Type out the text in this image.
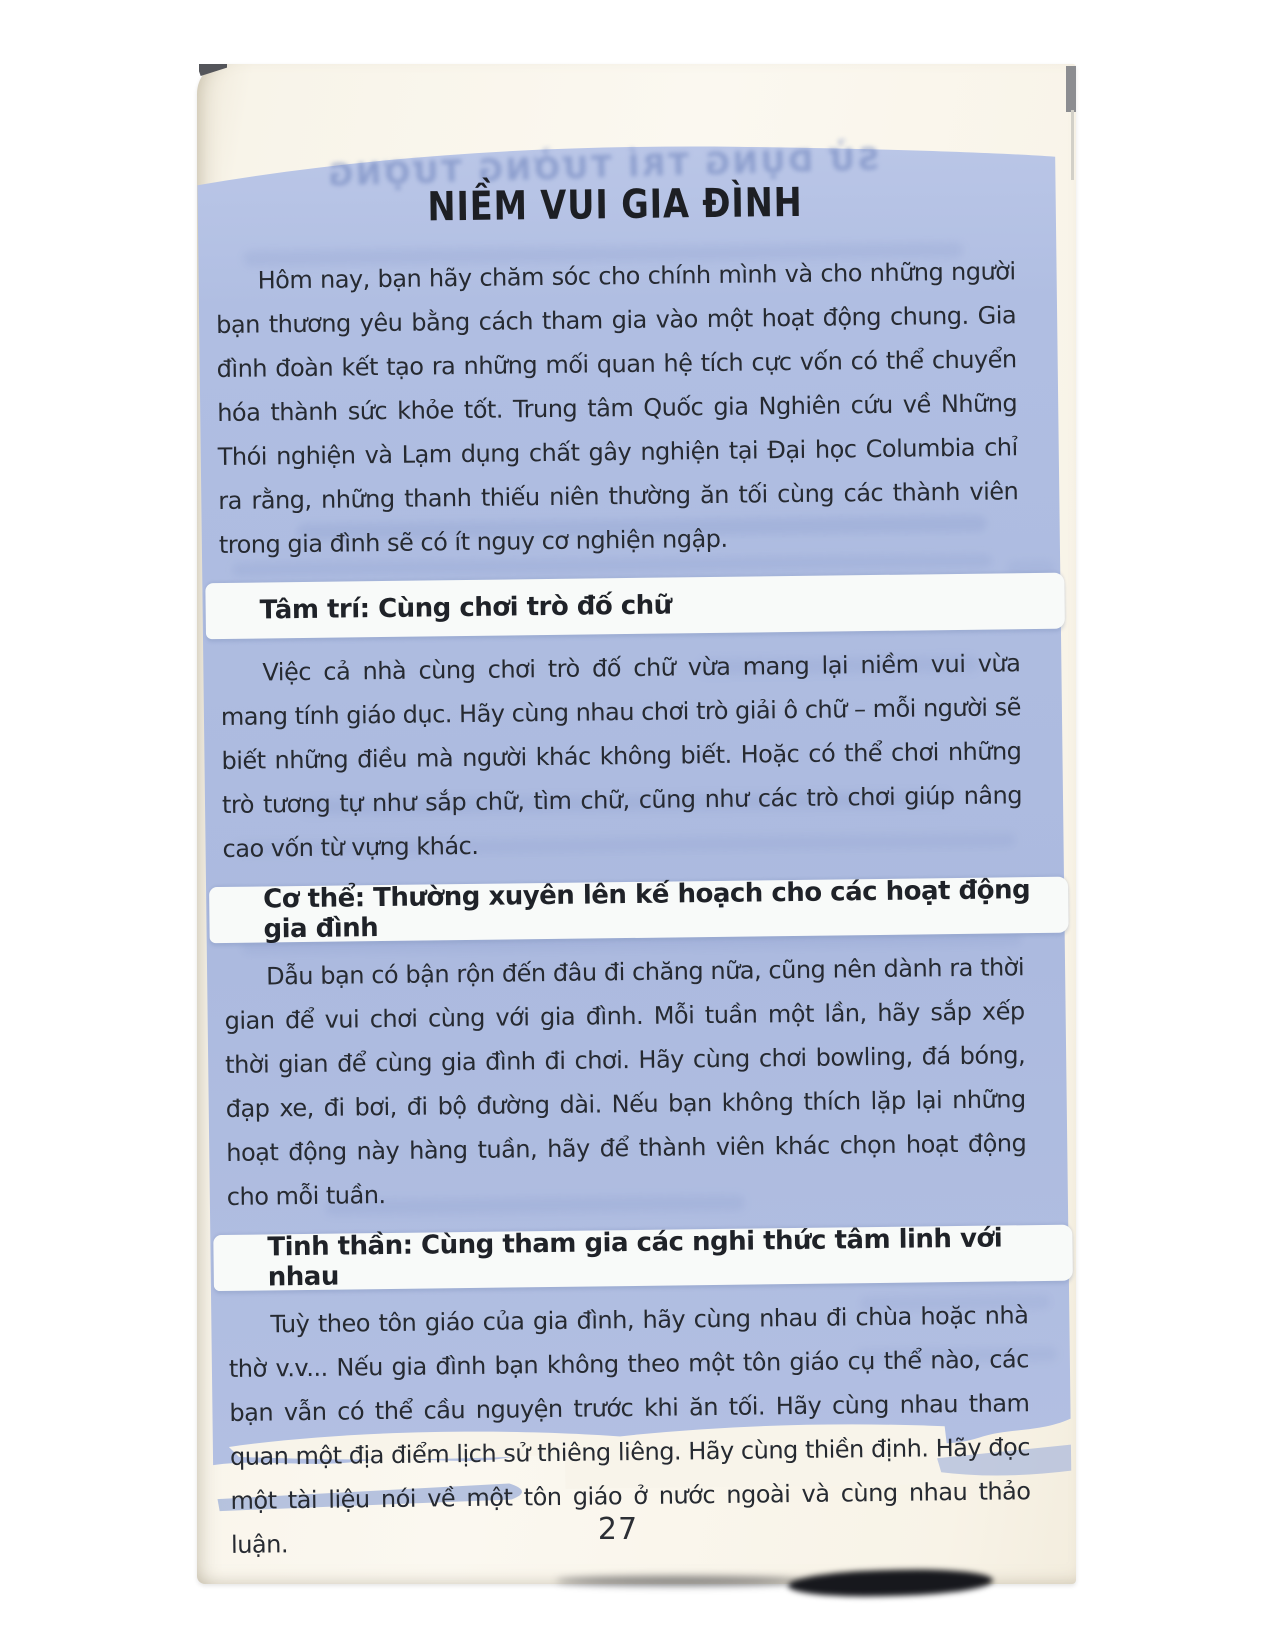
SỬ DỤNG TRÍ TƯỞNG TƯỢNG
NIỀM VUI GIA ĐÌNH

Hôm nay, bạn hãy chăm sóc cho chính mình và cho những người bạn thương yêu bằng cách tham gia vào một hoạt động chung. Gia đình đoàn kết tạo ra những mối quan hệ tích cực vốn có thể chuyển hóa thành sức khỏe tốt. Trung tâm Quốc gia Nghiên cứu về Những Thói nghiện và Lạm dụng chất gây nghiện tại Đại học Columbia chỉ ra rằng, những thanh thiếu niên thường ăn tối cùng các thành viên trong gia đình sẽ có ít nguy cơ nghiện ngập.

Tâm trí: Cùng chơi trò đố chữ

Việc cả nhà cùng chơi trò đố chữ vừa mang lại niềm vui vừa mang tính giáo dục. Hãy cùng nhau chơi trò giải ô chữ – mỗi người sẽ biết những điều mà người khác không biết. Hoặc có thể chơi những trò tương tự như sắp chữ, tìm chữ, cũng như các trò chơi giúp nâng cao vốn từ vựng khác.

Cơ thể: Thường xuyên lên kế hoạch cho các hoạt động gia đình

Dẫu bạn có bận rộn đến đâu đi chăng nữa, cũng nên dành ra thời gian để vui chơi cùng với gia đình. Mỗi tuần một lần, hãy sắp xếp thời gian để cùng gia đình đi chơi. Hãy cùng chơi bowling, đá bóng, đạp xe, đi bơi, đi bộ đường dài. Nếu bạn không thích lặp lại những hoạt động này hàng tuần, hãy để thành viên khác chọn hoạt động cho mỗi tuần.

Tinh thần: Cùng tham gia các nghi thức tâm linh với nhau

Tuỳ theo tôn giáo của gia đình, hãy cùng nhau đi chùa hoặc nhà thờ v.v... Nếu gia đình bạn không theo một tôn giáo cụ thể nào, các bạn vẫn có thể cầu nguyện trước khi ăn tối. Hãy cùng nhau tham quan một địa điểm lịch sử thiêng liêng. Hãy cùng thiền định. Hãy đọc một tài liệu nói về một tôn giáo ở nước ngoài và cùng nhau thảo luận.	27
